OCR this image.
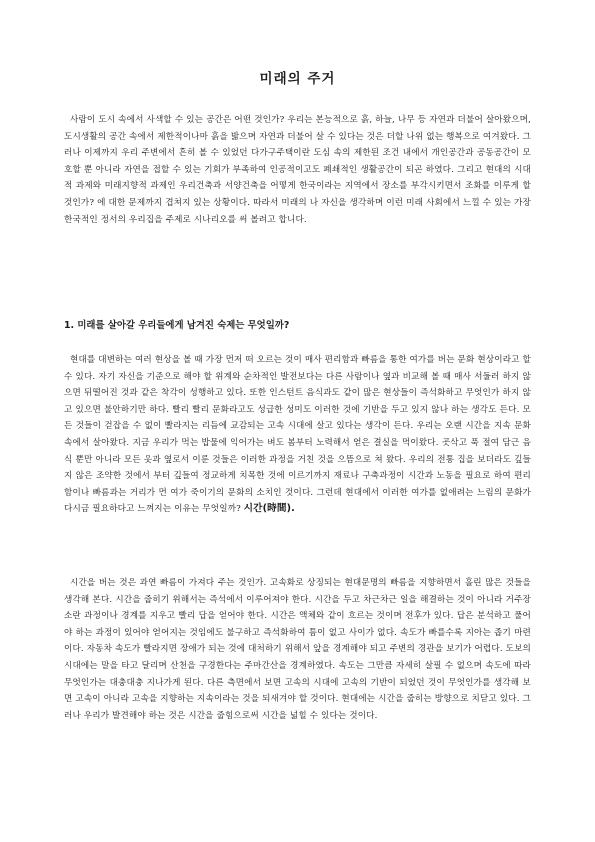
미래의 주거

사람이 도시 속에서 사색할 수 있는 공간은 어떤 것인가? 우리는 본능적으로 흙, 하늘, 나무 등 자연과 더불어 살아왔으며, 도시생활의 공간 속에서 제한적이나마 흙을 밟으며 자연과 더불어 살 수 있다는 것은 더할 나위 없는 행복으로 여겨왔다. 그러나 이제까지 우리 주변에서 흔히 볼 수 있었던 다가구주택이란 도심 속의 제한된 조건 내에서 개인공간과 공동공간이 모호할 뿐 아니라 자연을 접할 수 있는 기회가 부족하여 인공적이고도 폐쇄적인 생활공간이 되곤 하였다. 그리고 현대의 시대적 과제와 미래지향적 과제인 우리건축과 서양건축을 어떻게 한국이라는 지역에서 장소를 부각시키면서 조화를 이루게 할 것인가? 에 대한 문제까지 겹쳐지 있는 상황이다. 따라서 미래의 나 자신을 생각하며 이런 미래 사회에서 느낄 수 있는 가장 한국적인 정서의 우리집을 주제로 시나리오를 써 볼려고 합니다.

1. 미래를 살아갈 우리들에게 남겨진 숙제는 무엇일까?

현대를 대변하는 여러 현상을 볼 때 가장 먼저 떠 오르는 것이 매사 편리함과 빠름을 통한 여가를 버는 문화 현상이라고 할 수 있다. 자기 자신을 기준으로 해야 할 위계와 순차적인 발전보다는 다른 사람이나 옆과 비교해 볼 때 매사 서둘러 하지 않으면 뒤떨어진 것과 같은 착각이 성행하고 있다. 또한 인스턴트 음식과도 같이 많은 현상들이 즉석화하고 무엇인가 하지 않고 있으면 불안하기만 하다. 빨리 빨리 문화라고도 성급한 성미도 이러한 것에 기반을 두고 있지 않나 하는 생각도 든다. 모든 것들이 걷잡을 수 없이 빨라지는 리듬에 교감되는 고속 시대에 살고 있다는 생각이 든다. 우리는 오랜 시간을 지속 문화 속에서 살아왔다. 지금 우리가 먹는 밥물에 익어가는 벼도 봄부터 노력해서 얻은 결실을 먹이왔다. 곳삭고 푹 절여 담근 음식 뿐만 아니라 모든 옷과 옆로서 이룬 것들은 이러한 과정을 거친 것을 으뜸으로 쳐 왔다. 우리의 전통 집을 보더라도 깊들지 않은 조약한 것에서 부터 깊들여 정교하게 치목한 것에 이르기까지 재료나 구축과정이 시간과 노동을 필요로 하여 편리함이나 빠름과는 거리가 먼 여가 죽이기의 문화의 소치인 것이다. 그런데 현대에서 이러한 여가를 없애려는 느림의 문화가 다시금 필요하다고 느껴지는 이유는 무엇일까? 시간(時間).

시간을 버는 것은 과연 빠름이 가져다 주는 것인가. 고속화로 상징되는 현대문명의 빠름을 지향하면서 흘린 많은 것들을 생각해 본다. 시간을 줍히기 위해서는 즉석에서 이루어져야 한다. 시간을 두고 차근차근 일을 해결하는 것이 아니라 거주장소란 과정이나 경계를 지우고 빨리 답을 얻어야 한다. 시간은 액체와 같이 흐르는 것이며 전후가 있다. 답은 분석하고 풀어야 하는 과정이 있어야 얻어지는 것임에도 불구하고 즉석화하여 틈이 없고 사이가 없다. 속도가 빠를수록 지아는 좁기 마련이다. 자동차 속도가 빨라지면 장애가 되는 것에 대처하기 위해서 앞을 경계해야 되고 주변의 경관을 보기가 어렵다. 도보의 시대에는 말을 타고 달리며 산천을 구경한다는 주마간산을 경계하였다. 속도는 그만큼 자세히 살필 수 없으며 속도에 따라 무엇인가는 대충대충 지나가게 된다. 다른 측면에서 보면 고속의 시대에 고속의 기반이 되었던 것이 무엇인가를 생각해 보면 고속이 아니라 고속을 지향하는 지속이라는 것을 되새겨야 할 것이다. 현대에는 시간을 줍히는 방향으로 치닫고 있다. 그러나 우리가 발견해야 하는 것은 시간을 줍힘으로써 시간을 넓힐 수 있다는 것이다.
